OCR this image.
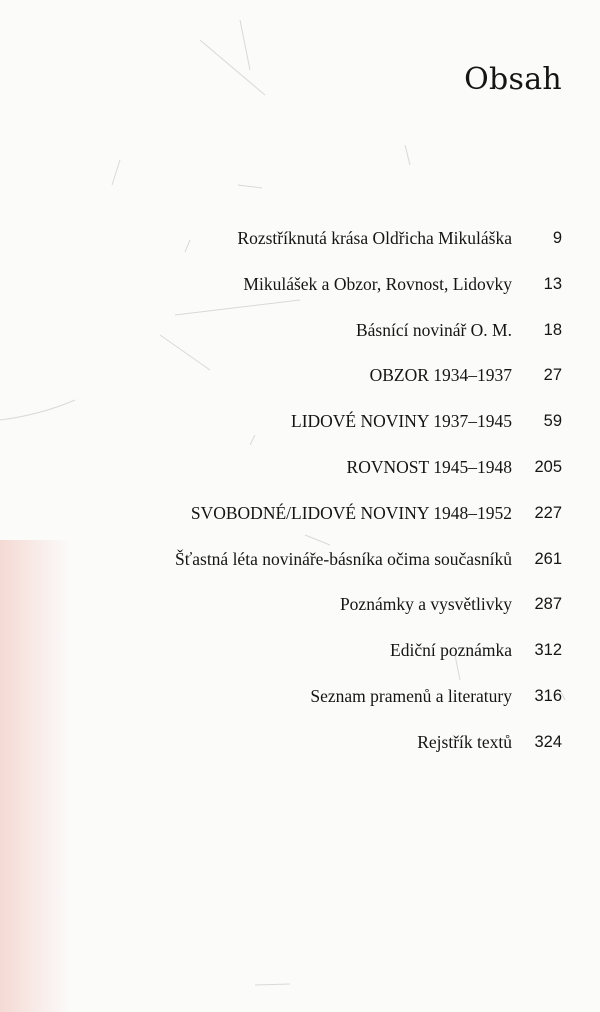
Obsah
Rozstříknutá krása Oldřicha Mikuláška	9
Mikulášek a Obzor, Rovnost, Lidovky	13
Básnící novinář O. M.	18
OBZOR 1934–1937	27
LIDOVÉ NOVINY 1937–1945	59
ROVNOST 1945–1948	205
SVOBODNÉ/LIDOVÉ NOVINY 1948–1952	227
Šťastná léta novináře-básníka očima současníků	261
Poznámky a vysvětlivky	287
Ediční poznámka	312
Seznam pramenů a literatury	316
Rejstřík textů	324
